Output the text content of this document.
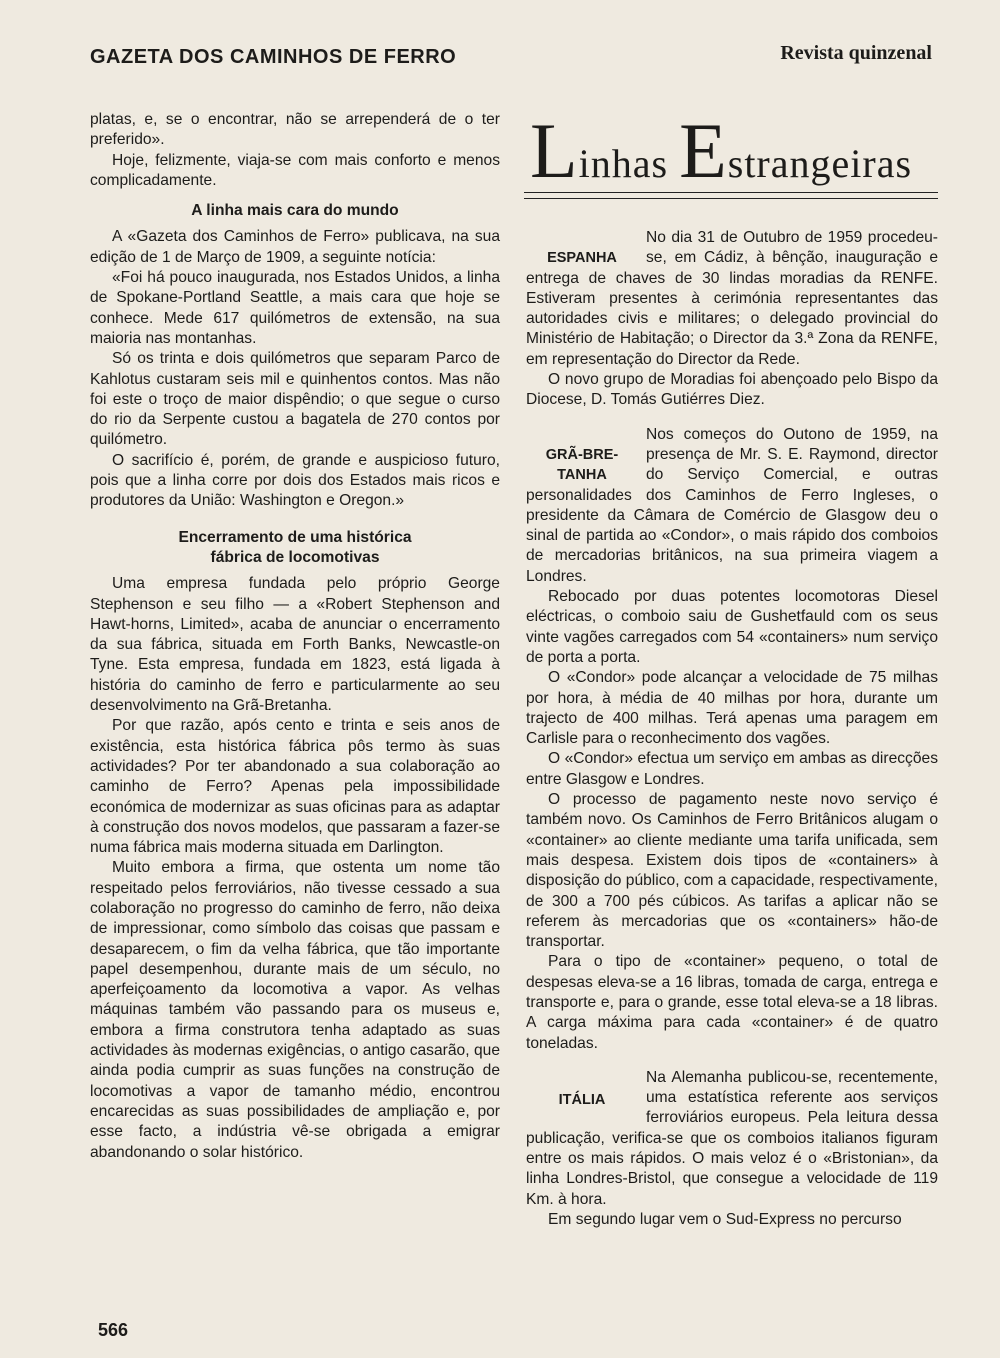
GAZETA DOS CAMINHOS DE FERRO	Revista quinzenal

platas, e, se o encontrar, não se arrependerá de o ter preferido».

Hoje, felizmente, viaja-se com mais conforto e menos complicadamente.

A linha mais cara do mundo

A «Gazeta dos Caminhos de Ferro» publicava, na sua edição de 1 de Março de 1909, a seguinte notícia:

«Foi há pouco inaugurada, nos Estados Unidos, a linha de Spokane-Portland Seattle, a mais cara que hoje se conhece. Mede 617 quilómetros de extensão, na sua maioria nas montanhas.

Só os trinta e dois quilómetros que separam Parco de Kahlotus custaram seis mil e quinhentos contos. Mas não foi este o troço de maior dispêndio; o que segue o curso do rio da Serpente custou a bagatela de 270 contos por quilómetro.

O sacrifício é, porém, de grande e auspicioso futuro, pois que a linha corre por dois dos Estados mais ricos e produtores da União: Washington e Oregon.»

Encerramento de uma histórica
fábrica de locomotivas

Uma empresa fundada pelo próprio George Stephenson e seu filho — a «Robert Stephenson and Hawt-horns, Limited», acaba de anunciar o encerramento da sua fábrica, situada em Forth Banks, Newcastle-on Tyne. Esta empresa, fundada em 1823, está ligada à história do caminho de ferro e particularmente ao seu desenvolvimento na Grã-Bretanha.

Por que razão, após cento e trinta e seis anos de existência, esta histórica fábrica pôs termo às suas actividades? Por ter abandonado a sua colaboração ao caminho de Ferro? Apenas pela impossibilidade económica de modernizar as suas oficinas para as adaptar à construção dos novos modelos, que passaram a fazer-se numa fábrica mais moderna situada em Darlington.

Muito embora a firma, que ostenta um nome tão respeitado pelos ferroviários, não tivesse cessado a sua colaboração no progresso do caminho de ferro, não deixa de impressionar, como símbolo das coisas que passam e desaparecem, o fim da velha fábrica, que tão importante papel desempenhou, durante mais de um século, no aperfeiçoamento da locomotiva a vapor. As velhas máquinas também vão passando para os museus e, embora a firma construtora tenha adaptado as suas actividades às modernas exigências, o antigo casarão, que ainda podia cumprir as suas funções na construção de locomotivas a vapor de tamanho médio, encontrou encarecidas as suas possibilidades de ampliação e, por esse facto, a indústria vê-se obrigada a emigrar abandonando o solar histórico.

Linhas Estrangeiras
ESPANHA

No dia 31 de Outubro de 1959 procedeu-se, em Cádiz, à bênção, inauguração e entrega de chaves de 30 lindas moradias da RENFE. Estiveram presentes à cerimónia representantes das autoridades civis e militares; o delegado provincial do Ministério de Habitação; o Director da 3.ª Zona da RENFE, em representação do Director da Rede.

O novo grupo de Moradias foi abençoado pelo Bispo da Diocese, D. Tomás Gutiérres Diez.

GRÃ-BRE-
TANHA

Nos começos do Outono de 1959, na presença de Mr. S. E. Raymond, director do Serviço Comercial, e outras personalidades dos Caminhos de Ferro Ingleses, o presidente da Câmara de Comércio de Glasgow deu o sinal de partida ao «Condor», o mais rápido dos comboios de mercadorias britânicos, na sua primeira viagem a Londres.

Rebocado por duas potentes locomotoras Diesel eléctricas, o comboio saiu de Gushetfauld com os seus vinte vagões carregados com 54 «containers» num serviço de porta a porta.

O «Condor» pode alcançar a velocidade de 75 milhas por hora, à média de 40 milhas por hora, durante um trajecto de 400 milhas. Terá apenas uma paragem em Carlisle para o reconhecimento dos vagões.

O «Condor» efectua um serviço em ambas as direcções entre Glasgow e Londres.

O processo de pagamento neste novo serviço é também novo. Os Caminhos de Ferro Britânicos alugam o «container» ao cliente mediante uma tarifa unificada, sem mais despesa. Existem dois tipos de «containers» à disposição do público, com a capacidade, respectivamente, de 300 a 700 pés cúbicos. As tarifas a aplicar não se referem às mercadorias que os «containers» hão-de transportar.

Para o tipo de «container» pequeno, o total de despesas eleva-se a 16 libras, tomada de carga, entrega e transporte e, para o grande, esse total eleva-se a 18 libras. A carga máxima para cada «container» é de quatro toneladas.

ITÁLIA

Na Alemanha publicou-se, recentemente, uma estatística referente aos serviços ferroviários europeus. Pela leitura dessa publicação, verifica-se que os comboios italianos figuram entre os mais rápidos. O mais veloz é o «Bristonian», da linha Londres-Bristol, que consegue a velocidade de 119 Km. à hora.

Em segundo lugar vem o Sud-Express no percurso

566
